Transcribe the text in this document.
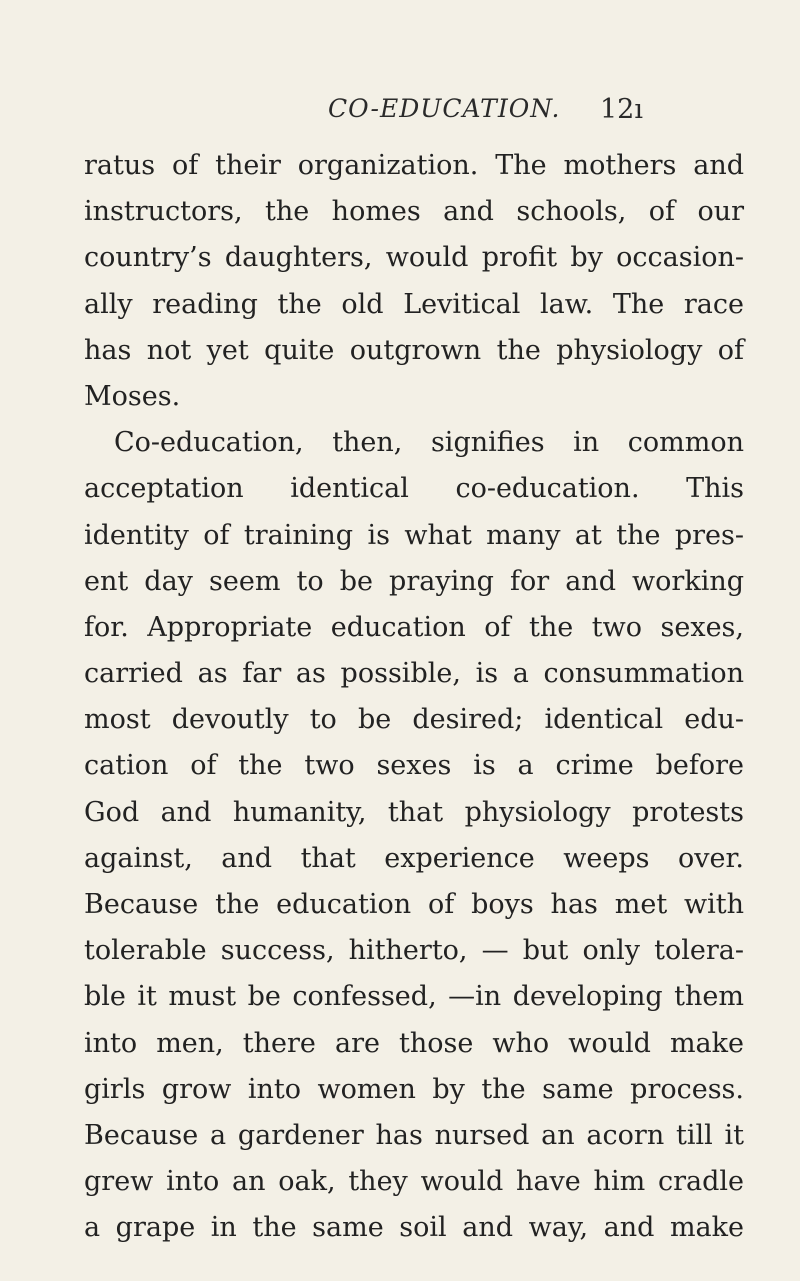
CO-EDUCATION. 12ı
ratus of their organization. The mothers and
instructors, the homes and schools, of our
country’s daughters, would profit by occasion-
ally reading the old Levitical law. The race
has not yet quite outgrown the physiology of
Moses.
Co-education, then, signifies in common
acceptation identical co-education. This
identity of training is what many at the pres-
ent day seem to be praying for and working
for. Appropriate education of the two sexes,
carried as far as possible, is a consummation
most devoutly to be desired; identical edu-
cation of the two sexes is a crime before
God and humanity, that physiology protests
against, and that experience weeps over.
Because the education of boys has met with
tolerable success, hitherto, — but only tolera-
ble it must be confessed, —in developing them
into men, there are those who would make
girls grow into women by the same process.
Because a gardener has nursed an acorn till it
grew into an oak, they would have him cradle
a grape in the same soil and way, and make
